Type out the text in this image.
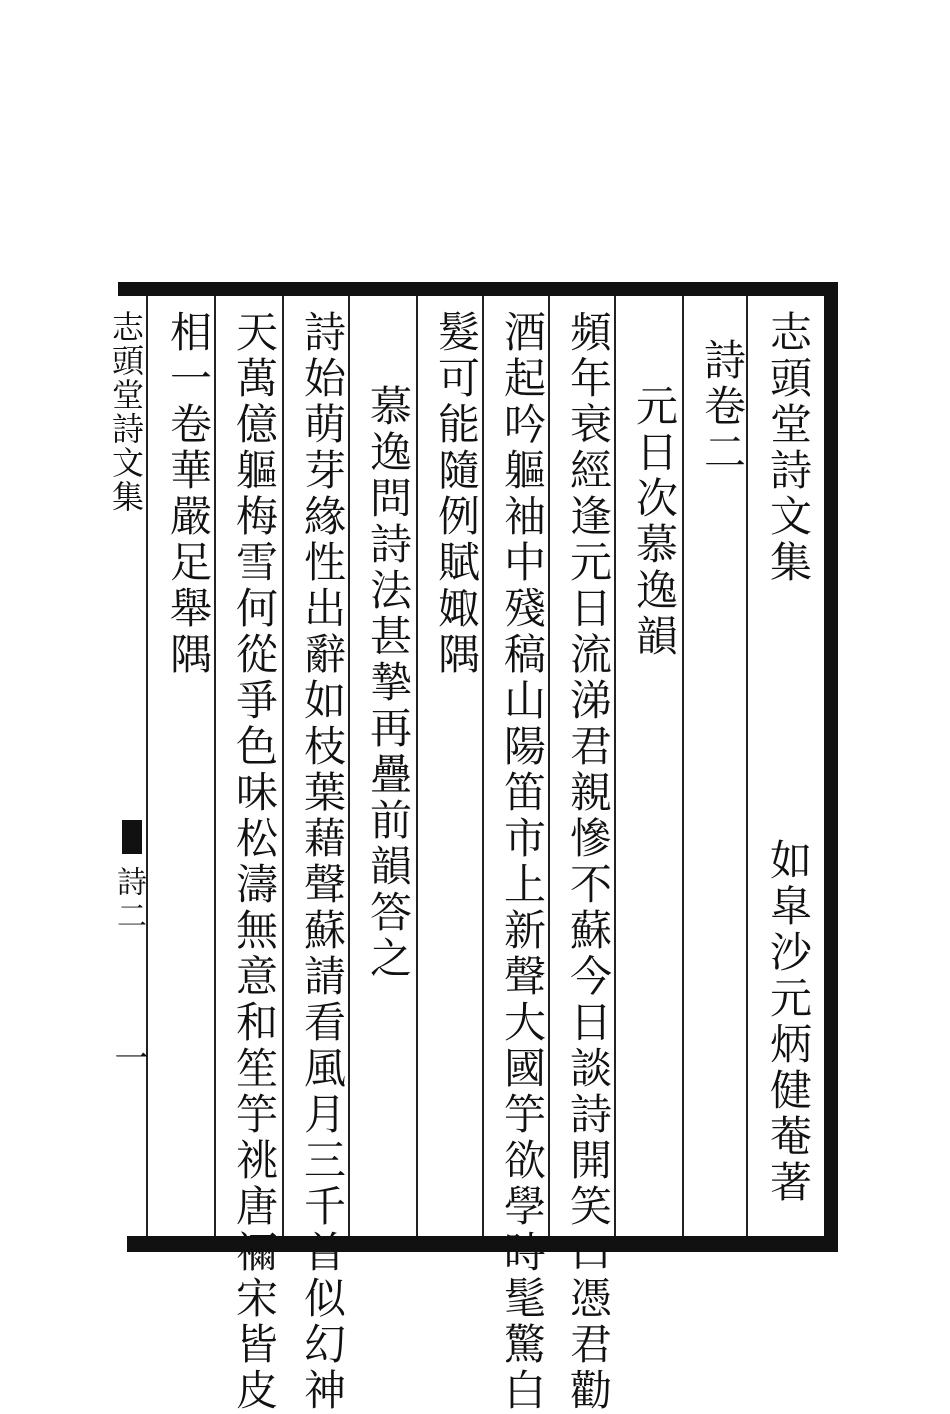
志頭堂詩文集
如皐沙元炳健菴著
詩卷二
元日次慕逸韻
頻年衰經逢元日流涕君親慘不蘇今日談詩開笑口憑君勸
酒起吟軀袖中殘稿山陽笛市上新聲大國竽欲學時髦驚白
髮可能隨例賦娵隅
慕逸問詩法甚摯再疊前韻答之
詩始萌芽緣性出辭如枝葉藉聲蘇請看風月三千首似幻神
天萬億軀梅雪何從爭色味松濤無意和笙竽祧唐禰宋皆皮
相一卷華嚴足舉隅
志頭堂詩文集
詩二
一
